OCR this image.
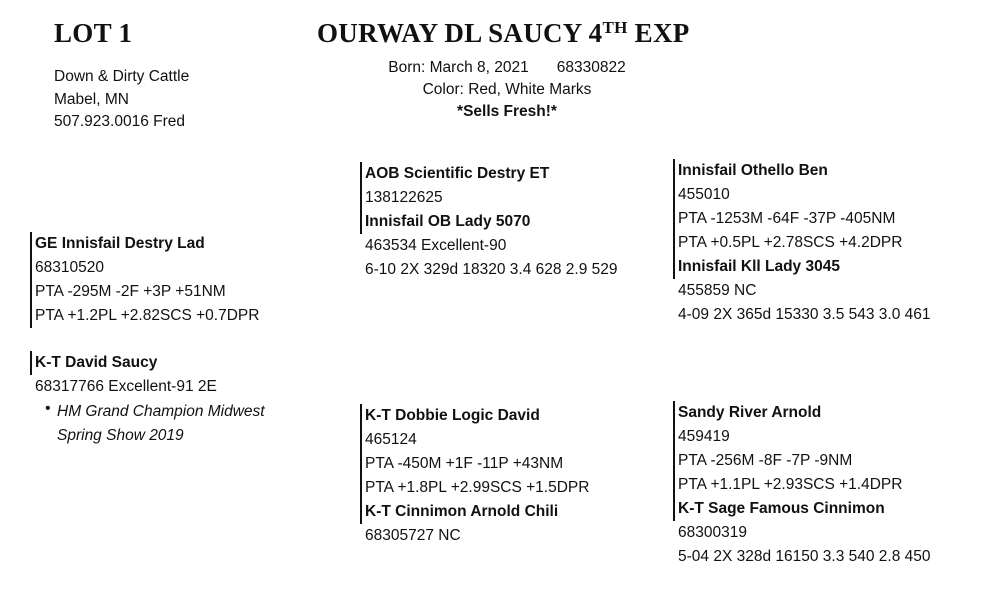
LOT 1	OURWAY DL SAUCY 4TH EXP
Down & Dirty Cattle
Mabel, MN
507.923.0016 Fred
Born: March 8, 2021 68330822
Color: Red, White Marks
*Sells Fresh!*
AOB Scientific Destry ET
138122625
Innisfail OB Lady 5070
463534 Excellent-90
6-10 2X 329d 18320 3.4 628 2.9 529
Innisfail Othello Ben
455010
PTA -1253M -64F -37P -405NM
PTA +0.5PL +2.78SCS +4.2DPR
Innisfail Kll Lady 3045
455859 NC
4-09 2X 365d 15330 3.5 543 3.0 461
GE Innisfail Destry Lad
68310520
PTA -295M -2F +3P +51NM
PTA +1.2PL +2.82SCS +0.7DPR
K-T David Saucy
68317766 Excellent-91 2E
• HM Grand Champion Midwest
Spring Show 2019
K-T Dobbie Logic David
465124
PTA -450M +1F -11P +43NM
PTA +1.8PL +2.99SCS +1.5DPR
K-T Cinnimon Arnold Chili
68305727 NC
Sandy River Arnold
459419
PTA -256M -8F -7P -9NM
PTA +1.1PL +2.93SCS +1.4DPR
K-T Sage Famous Cinnimon
68300319
5-04 2X 328d 16150 3.3 540 2.8 450
